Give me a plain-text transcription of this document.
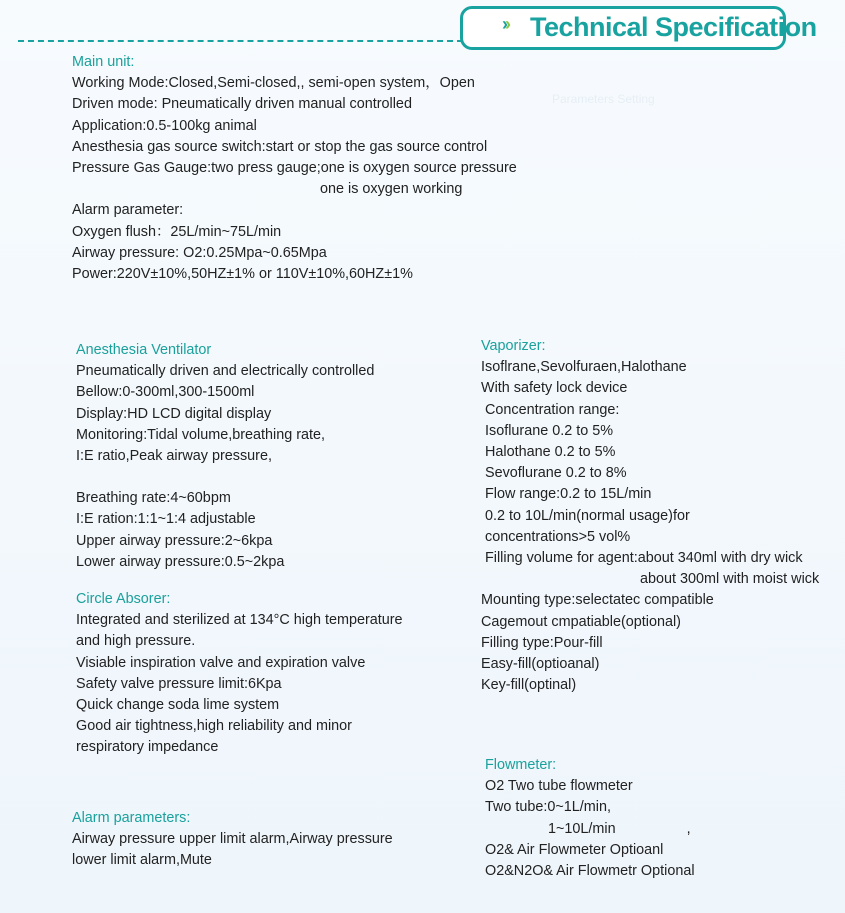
›› Technical Specification
Parameters Setting
Main unit:
Working Mode:Closed,Semi-closed,, semi-open system，Open
Driven mode: Pneumatically driven manual controlled
Application:0.5-100kg animal
Anesthesia gas source switch:start or stop the gas source control
Pressure Gas Gauge:two press gauge;one is oxygen source pressure
one is oxygen working
Alarm parameter:
Oxygen flush：25L/min~75L/min
Airway pressure: O2:0.25Mpa~0.65Mpa
Power:220V±10%,50HZ±1% or 110V±10%,60HZ±1%
Anesthesia Ventilator
Pneumatically driven and electrically controlled
Bellow:0-300ml,300-1500ml
Display:HD LCD digital display
Monitoring:Tidal volume,breathing rate,
I:E ratio,Peak airway pressure,
Breathing rate:4~60bpm
I:E ration:1:1~1:4 adjustable
Upper airway pressure:2~6kpa
Lower airway pressure:0.5~2kpa
Circle Absorer:
Integrated and sterilized at 134°C high temperature
and high pressure.
Visiable inspiration valve and expiration valve
Safety valve pressure limit:6Kpa
Quick change soda lime system
Good air tightness,high reliability and minor
respiratory impedance
Alarm parameters:
Airway pressure upper limit alarm,Airway pressure
lower limit alarm,Mute
Vaporizer:
Isoflrane,Sevolfuraen,Halothane
With safety lock device
Concentration range:
Isoflurane 0.2 to 5%
Halothane 0.2 to 5%
Sevoflurane 0.2 to 8%
Flow range:0.2 to 15L/min
0.2 to 10L/min(normal usage)for
concentrations>5 vol%
Filling volume for agent:about 340ml with dry wick
about 300ml with moist wick
Mounting type:selectatec compatible
Cagemout cmpatiable(optional)
Filling type:Pour-fill
Easy-fill(optioanal)
Key-fill(optinal)
Flowmeter:
O2 Two tube flowmeter
Two tube:0~1L/min,
1~10L/min	,
O2& Air Flowmeter Optioanl
O2&N2O& Air Flowmetr Optional
